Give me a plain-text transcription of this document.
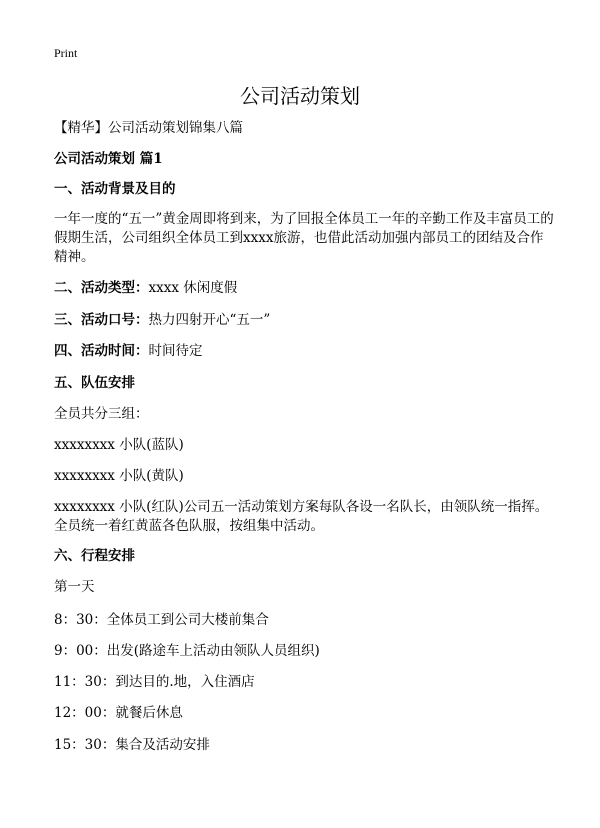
Print
公司活动策划

【精华】公司活动策划锦集八篇

公司活动策划 篇1

一、活动背景及目的

一年一度的“五一”黄金周即将到来，为了回报全体员工一年的辛勤工作及丰富员工的假期生活，公司组织全体员工到xxxx旅游，也借此活动加强内部员工的团结及合作精神。

二、活动类型：xxxx 休闲度假

三、活动口号：热力四射开心“五一”

四、活动时间：时间待定

五、队伍安排

全员共分三组：

xxxxxxxx 小队(蓝队)

xxxxxxxx 小队(黄队)

xxxxxxxx 小队(红队)公司五一活动策划方案每队各设一名队长，由领队统一指挥。全员统一着红黄蓝各色队服，按组集中活动。

六、行程安排

第一天

8：30：全体员工到公司大楼前集合

9：00：出发(路途车上活动由领队人员组织)

11：30：到达目的.地，入住酒店

12：00：就餐后休息

15：30：集合及活动安排
